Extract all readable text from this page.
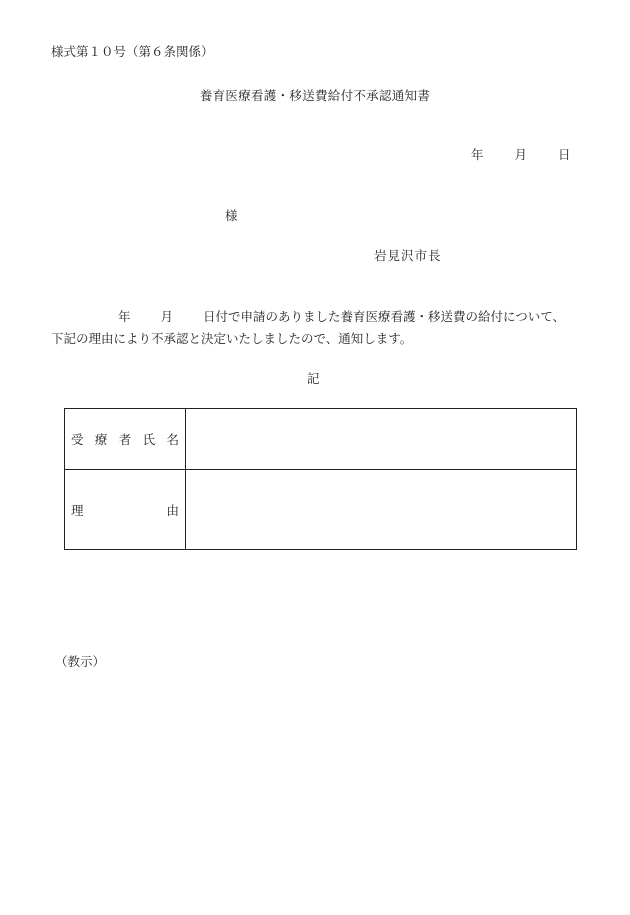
様式第１０号（第６条関係）
養育医療看護・移送費給付不承認通知書
年 月 日
様
岩見沢市長
年 月 日付で申請のありました養育医療看護・移送費の給付について、
下記の理由により不承認と決定いたしましたので、通知します。
記
受 療 者 氏 名
理	由
（教示）
